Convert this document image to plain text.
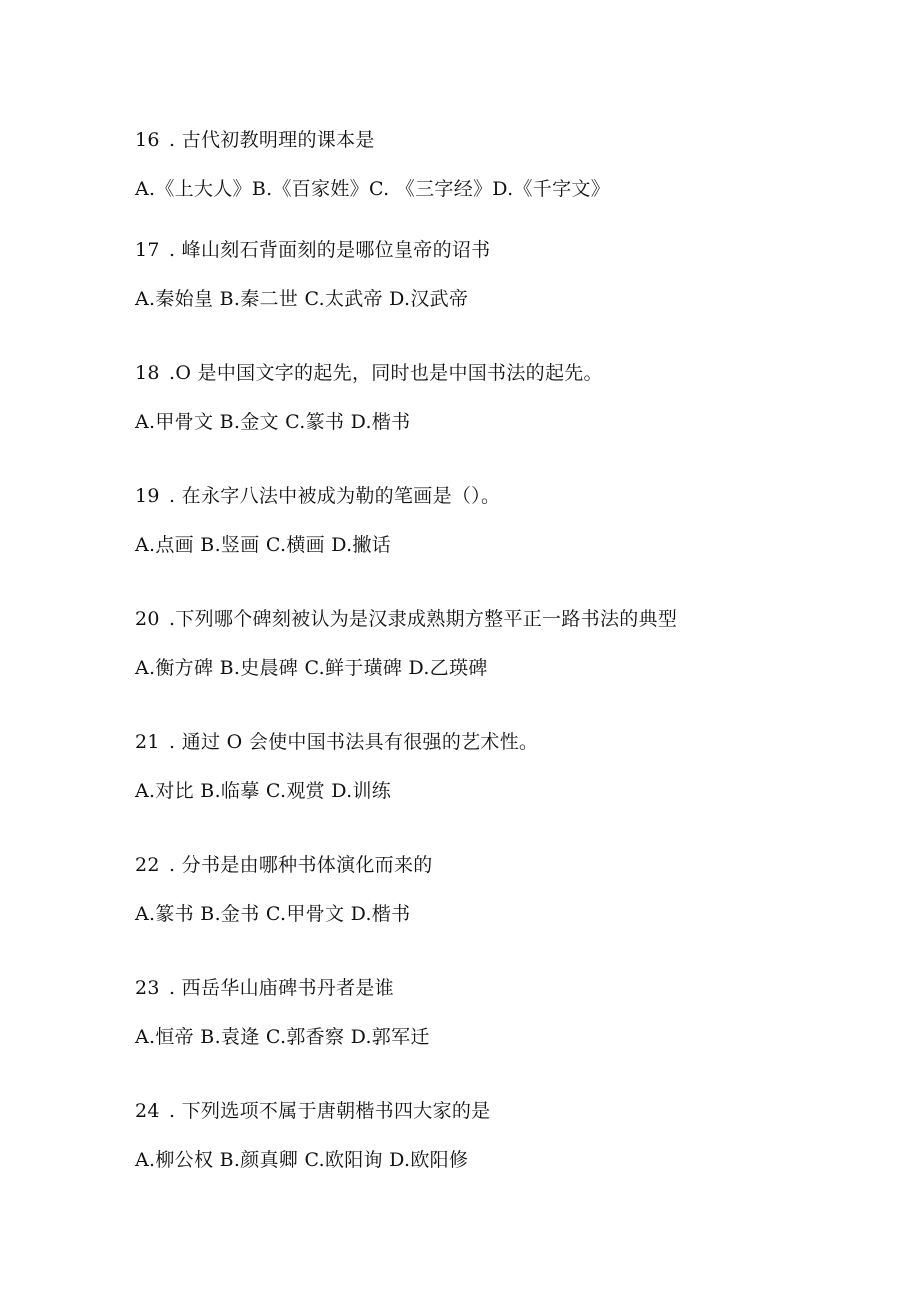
16 . 古代初教明理的课本是
A.《上大人》B.《百家姓》C. 《三字经》D.《千字文》
17 . 峰山刻石背面刻的是哪位皇帝的诏书
A.秦始皇 B.秦二世 C.太武帝 D.汉武帝
18 .O 是中国文字的起先，同时也是中国书法的起先。
A.甲骨文 B.金文 C.篆书 D.楷书
19 . 在永字八法中被成为勒的笔画是（）。
A.点画 B.竖画 C.横画 D.撇话
20 .下列哪个碑刻被认为是汉隶成熟期方整平正一路书法的典型
A.衡方碑 B.史晨碑 C.鲜于璜碑 D.乙瑛碑
21 . 通过 O 会使中国书法具有很强的艺术性。
A.对比 B.临摹 C.观赏 D.训练
22 . 分书是由哪种书体演化而来的
A.篆书 B.金书 C.甲骨文 D.楷书
23 . 西岳华山庙碑书丹者是谁
A.恒帝 B.袁逄 C.郭香察 D.郭军迁
24 . 下列选项不属于唐朝楷书四大家的是
A.柳公权 B.颜真卿 C.欧阳询 D.欧阳修
